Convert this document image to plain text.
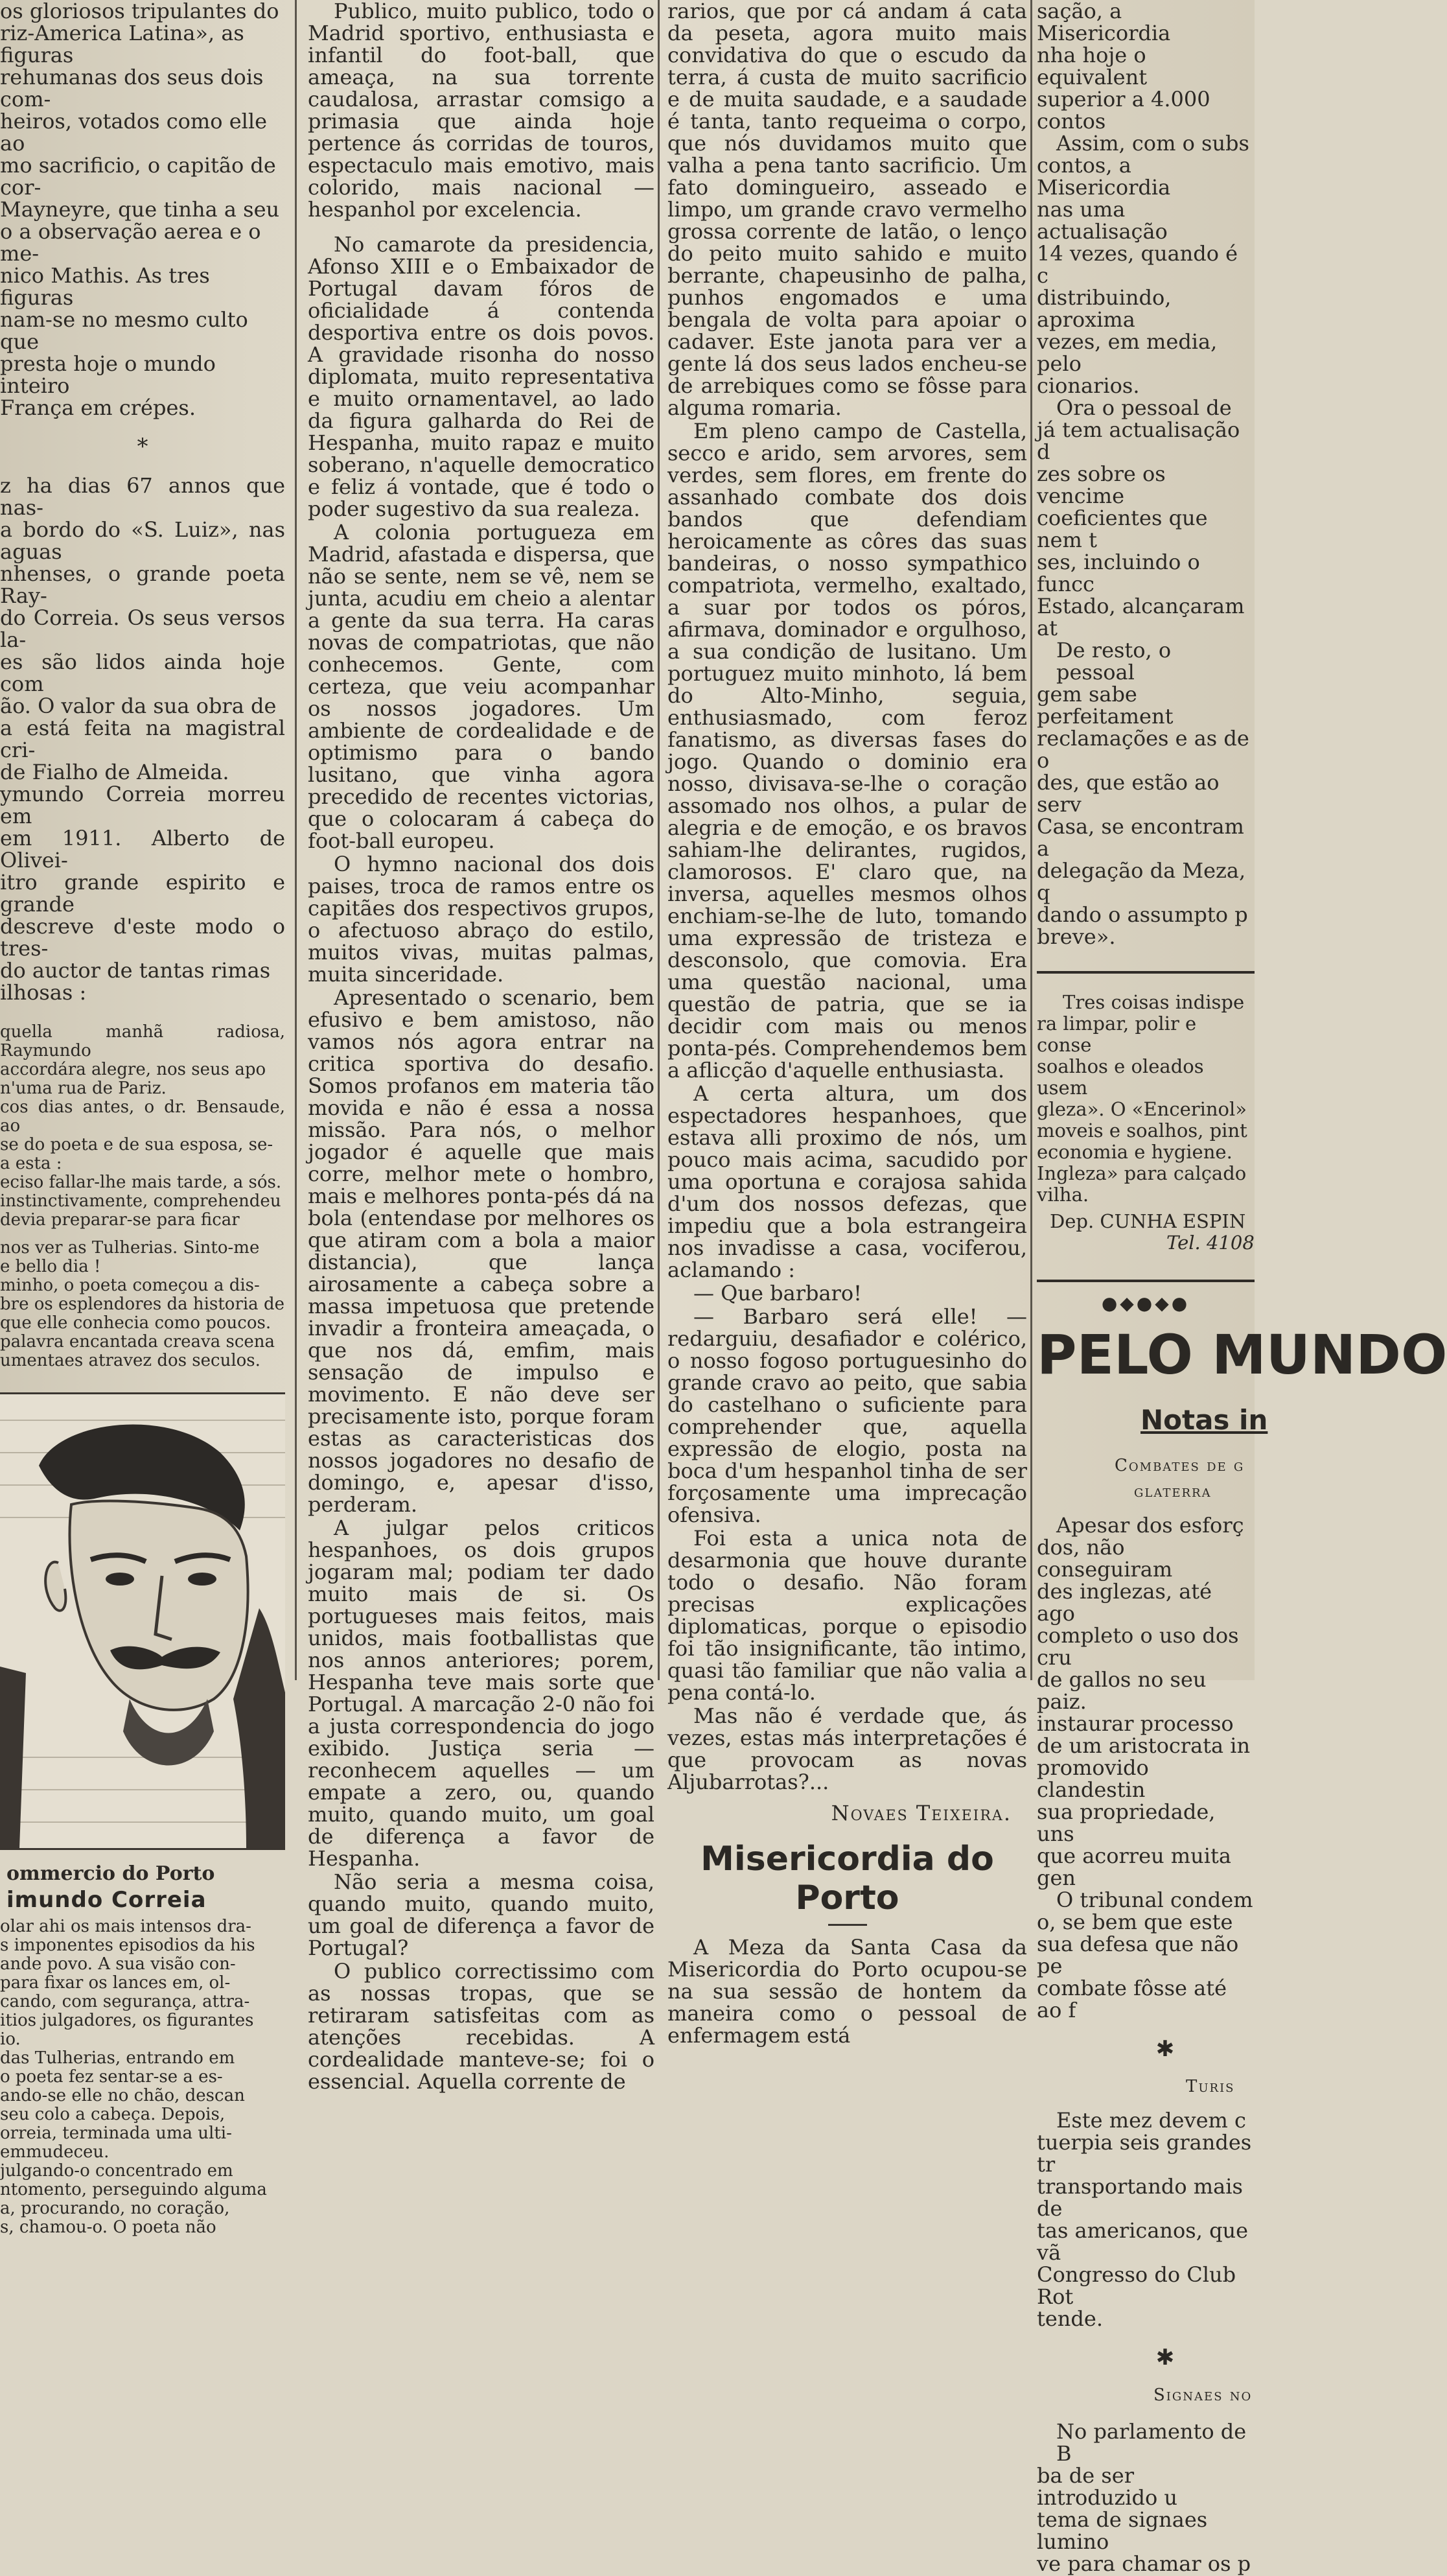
os gloriosos tripulantes do
riz-America Latina», as figuras
rehumanas dos seus dois com-
heiros, votados como elle ao
mo sacrificio, o capitão de cor-
Mayneyre, que tinha a seu
o a observação aerea e o me-
nico Mathis. As tres figuras
nam-se no mesmo culto que
presta hoje o mundo inteiro
França em crépes.
*
z ha dias 67 annos que nas-
a bordo do «S. Luiz», nas aguas
nhenses, o grande poeta Ray-
do Correia. Os seus versos la-
es são lidos ainda hoje com
ão. O valor da sua obra de
a está feita na magistral cri-
de Fialho de Almeida.
ymundo Correia morreu em
em 1911. Alberto de Olivei-
itro grande espirito e grande
descreve d'este modo o tres-
do auctor de tantas rimas
ilhosas :
quella manhã radiosa, Raymundo
accordára alegre, nos seus apo
n'uma rua de Pariz.
cos dias antes, o dr. Bensaude, ao
se do poeta e de sua esposa, se-
a esta :
eciso fallar-lhe mais tarde, a sós.
instinctivamente, comprehendeu
devia preparar-se para ficar
nos ver as Tulherias. Sinto-me
e bello dia !
minho, o poeta começou a dis-
bre os esplendores da historia de
que elle conhecia como poucos.
palavra encantada creava scena
umentaes atravez dos seculos.
ommercio do Porto
imundo Correia
olar ahi os mais intensos dra-
s imponentes episodios da his
ande povo. A sua visão con-
para fixar os lances em, ol-
cando, com segurança, attra-
itios julgadores, os figurantes
io.
das Tulherias, entrando em
o poeta fez sentar-se a es-
ando-se elle no chão, descan
seu colo a cabeça. Depois,
orreia, terminada uma ulti-
emmudeceu.
julgando-o concentrado em
ntomento, perseguindo alguma
a, procurando, no coração,
s, chamou-o. O poeta não

Publico, muito publico, todo o Madrid sportivo, enthusiasta e infantil do foot-ball, que ameaça, na sua torrente caudalosa, arrastar comsigo a primasia que ainda hoje pertence ás corridas de touros, espectaculo mais emotivo, mais colorido, mais nacional — hespanhol por excelencia.

No camarote da presidencia, Afonso XIII e o Embaixador de Portugal davam fóros de oficialidade á contenda desportiva entre os dois povos. A gravidade risonha do nosso diplomata, muito representativa e muito ornamentavel, ao lado da figura galharda do Rei de Hespanha, muito rapaz e muito soberano, n'aquelle democratico e feliz á vontade, que é todo o poder sugestivo da sua realeza.

A colonia portugueza em Madrid, afastada e dispersa, que não se sente, nem se vê, nem se junta, acudiu em cheio a alentar a gente da sua terra. Ha caras novas de compatriotas, que não conhecemos. Gente, com certeza, que veiu acompanhar os nossos jogadores. Um ambiente de cordealidade e de optimismo para o bando lusitano, que vinha agora precedido de recentes victorias, que o colocaram á cabeça do foot-ball europeu.

O hymno nacional dos dois paises, troca de ramos entre os capitães dos respectivos grupos, o afectuoso abraço do estilo, muitos vivas, muitas palmas, muita sinceridade.

Apresentado o scenario, bem efusivo e bem amistoso, não vamos nós agora entrar na critica sportiva do desafio. Somos profanos em materia tão movida e não é essa a nossa missão. Para nós, o melhor jogador é aquelle que mais corre, melhor mete o hombro, mais e melhores ponta-pés dá na bola (entendase por melhores os que atiram com a bola a maior distancia), que lança airosamente a cabeça sobre a massa impetuosa que pretende invadir a fronteira ameaçada, o que nos dá, emfim, mais sensação de impulso e movimento. E não deve ser precisamente isto, porque foram estas as caracteristicas dos nossos jogadores no desafio de domingo, e, apesar d'isso, perderam.

A julgar pelos criticos hespanhoes, os dois grupos jogaram mal; podiam ter dado muito mais de si. Os portugueses mais feitos, mais unidos, mais footballistas que nos annos anteriores; porem, Hespanha teve mais sorte que Portugal. A marcação 2-0 não foi a justa correspondencia do jogo exibido. Justiça seria — reconhecem aquelles — um empate a zero, ou, quando muito, quando muito, um goal de diferença a favor de Hespanha.

Não seria a mesma coisa, quando muito, quando muito, um goal de diferença a favor de Portugal?

O publico correctissimo com as nossas tropas, que se retiraram satisfeitas com as atenções recebidas. A cordealidade manteve-se; foi o essencial. Aquella corrente de

rarios, que por cá andam á cata da peseta, agora muito mais convidativa do que o escudo da terra, á custa de muito sacrificio e de muita saudade, e a saudade é tanta, tanto requeima o corpo, que nós duvidamos muito que valha a pena tanto sacrificio. Um fato domingueiro, asseado e limpo, um grande cravo vermelho grossa corrente de latão, o lenço do peito muito sahido e muito berrante, chapeusinho de palha, punhos engomados e uma bengala de volta para apoiar o cadaver. Este janota para ver a gente lá dos seus lados encheu-se de arrebiques como se fôsse para alguma romaria.

Em pleno campo de Castella, secco e arido, sem arvores, sem verdes, sem flores, em frente do assanhado combate dos dois bandos que defendiam heroicamente as côres das suas bandeiras, o nosso sympathico compatriota, vermelho, exaltado, a suar por todos os póros, afirmava, dominador e orgulhoso, a sua condição de lusitano. Um portuguez muito minhoto, lá bem do Alto-Minho, seguia, enthusiasmado, com feroz fanatismo, as diversas fases do jogo. Quando o dominio era nosso, divisava-se-lhe o coração assomado nos olhos, a pular de alegria e de emoção, e os bravos sahiam-lhe delirantes, rugidos, clamorosos. E' claro que, na inversa, aquelles mesmos olhos enchiam-se-lhe de luto, tomando uma expressão de tristeza e desconsolo, que comovia. Era uma questão nacional, uma questão de patria, que se ia decidir com mais ou menos ponta-pés. Comprehendemos bem a aflicção d'aquelle enthusiasta.

A certa altura, um dos espectadores hespanhoes, que estava alli proximo de nós, um pouco mais acima, sacudido por uma oportuna e corajosa sahida d'um dos nossos defezas, que impediu que a bola estrangeira nos invadisse a casa, vociferou, aclamando :

— Que barbaro!

— Barbaro será elle! — redarguiu, desafiador e colérico, o nosso fogoso portuguesinho do grande cravo ao peito, que sabia do castelhano o suficiente para comprehender que, aquella expressão de elogio, posta na boca d'um hespanhol tinha de ser forçosamente uma imprecação ofensiva.

Foi esta a unica nota de desarmonia que houve durante todo o desafio. Não foram precisas explicações diplomaticas, porque o episodio foi tão insignificante, tão intimo, quasi tão familiar que não valia a pena contá-lo.

Mas não é verdade que, ás vezes, estas más interpretações é que provocam as novas Aljubarrotas?...

Novaes Teixeira.
Misericordia do Porto

A Meza da Santa Casa da Misericordia do Porto ocupou-se na sua sessão de hontem da maneira como o pessoal de enfermagem está

sação, a Misericordia
nha hoje o equivalent
superior a 4.000 contos
Assim, com o subs
contos, a Misericordia
nas uma actualisação
14 vezes, quando é c
distribuindo, aproxima
vezes, em media, pelo
cionarios.
Ora o pessoal de
já tem actualisação d
zes sobre os vencime
coeficientes que nem t
ses, incluindo o funcc
Estado, alcançaram at
De resto, o pessoal
gem sabe perfeitament
reclamações e as de o
des, que estão ao serv
Casa, se encontram a
delegação da Meza, q
dando o assumpto p
breve».
Tres coisas indispe
ra limpar, polir e conse
soalhos e oleados usem
gleza». O «Encerinol»
moveis e soalhos, pint
economia e hygiene.
Ingleza» para calçado
vilha.
Dep. CUNHA ESPIN
Tel. 4108
●◆●◆●
PELO MUNDO
Notas in
Combates de g
glaterra
Apesar dos esforç
dos, não conseguiram
des inglezas, até ago
completo o uso dos cru
de gallos no seu paiz.
instaurar processo
de um aristocrata in
promovido clandestin
sua propriedade, uns
que acorreu muita gen
O tribunal condem
o, se bem que este
sua defesa que não pe
combate fôsse até ao f
✱
Turis
Este mez devem c
tuerpia seis grandes tr
transportando mais de
tas americanos, que vã
Congresso do Club Rot
tende.
✱
Signaes no
No parlamento de B
ba de ser introduzido u
tema de signaes lumino
ve para chamar os p
